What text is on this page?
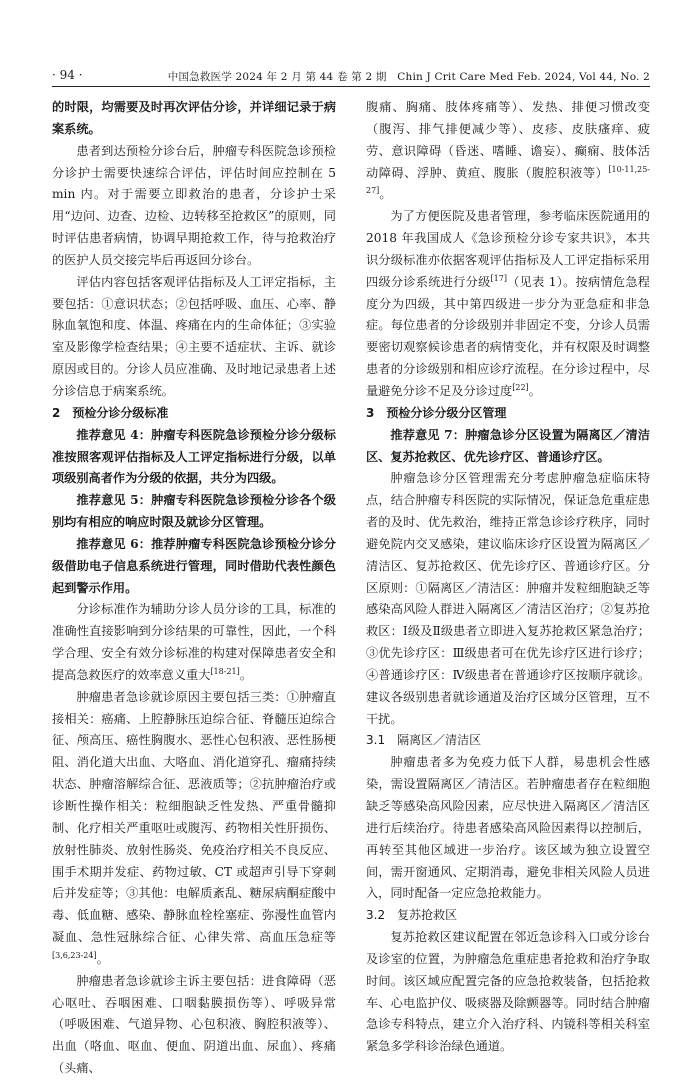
· 94 ·	中国急救医学 2024 年 2 月 第 44 卷 第 2 期　Chin J Crit Care Med Feb. 2024, Vol 44, No. 2

的时限，均需要及时再次评估分诊，并详细记录于病案系统。

患者到达预检分诊台后，肿瘤专科医院急诊预检分诊护士需要快速综合评估，评估时间应控制在 5 min 内。对于需要立即救治的患者，分诊护士采用“边问、边查、边检、边转移至抢救区”的原则，同时评估患者病情，协调早期抢救工作，待与抢救治疗的医护人员交接完毕后再返回分诊台。

评估内容包括客观评估指标及人工评定指标，主要包括：①意识状态；②包括呼吸、血压、心率、静脉血氧饱和度、体温、疼痛在内的生命体征；③实验室及影像学检查结果；④主要不适症状、主诉、就诊原因或目的。分诊人员应准确、及时地记录患者上述分诊信息于病案系统。

2 预检分诊分级标准

推荐意见 4：肿瘤专科医院急诊预检分诊分级标准按照客观评估指标及人工评定指标进行分级，以单项级别高者作为分级的依据，共分为四级。

推荐意见 5：肿瘤专科医院急诊预检分诊各个级别均有相应的响应时限及就诊分区管理。

推荐意见 6：推荐肿瘤专科医院急诊预检分诊分级借助电子信息系统进行管理，同时借助代表性颜色起到警示作用。

分诊标准作为辅助分诊人员分诊的工具，标准的准确性直接影响到分诊结果的可靠性，因此，一个科学合理、安全有效分诊标准的构建对保障患者安全和提高急救医疗的效率意义重大[18-21]。

肿瘤患者急诊就诊原因主要包括三类：①肿瘤直接相关：癌痛、上腔静脉压迫综合征、脊髓压迫综合征、颅高压、癌性胸腹水、恶性心包积液、恶性肠梗阻、消化道大出血、大咯血、消化道穿孔、瘤痛持续状态、肿瘤溶解综合征、恶液质等；②抗肿瘤治疗或诊断性操作相关：粒细胞缺乏性发热、严重骨髓抑制、化疗相关严重呕吐或腹泻、药物相关性肝损伤、放射性肺炎、放射性肠炎、免疫治疗相关不良反应、围手术期并发症、药物过敏、CT 或超声引导下穿刺后并发症等；③其他：电解质紊乱、糖尿病酮症酸中毒、低血糖、感染、静脉血栓栓塞症、弥漫性血管内凝血、急性冠脉综合征、心律失常、高血压急症等[3,6,23-24]。

肿瘤患者急诊就诊主诉主要包括：进食障碍（恶心呕吐、吞咽困难、口咽黏膜损伤等）、呼吸异常（呼吸困难、气道异物、心包积液、胸腔积液等）、出血（咯血、呕血、便血、阴道出血、尿血）、疼痛（头痛、

腹痛、胸痛、肢体疼痛等）、发热、排便习惯改变（腹泻、排气排便减少等）、皮疹、皮肤瘙痒、疲劳、意识障碍（昏迷、嗜睡、谵妄）、癫痫、肢体活动障碍、浮肿、黄疸、腹胀（腹腔积液等）[10-11,25-27]。

为了方便医院及患者管理，参考临床医院通用的 2018 年我国成人《急诊预检分诊专家共识》，本共识分级标准亦依据客观评估指标及人工评定指标采用四级分诊系统进行分级[17]（见表 1）。按病情危急程度分为四级，其中第四级进一步分为亚急症和非急症。每位患者的分诊级别并非固定不变，分诊人员需要密切观察候诊患者的病情变化，并有权限及时调整患者的分诊级别和相应诊疗流程。在分诊过程中，尽量避免分诊不足及分诊过度[22]。

3 预检分诊分级分区管理

推荐意见 7：肿瘤急诊分区设置为隔离区／清洁区、复苏抢救区、优先诊疗区、普通诊疗区。

肿瘤急诊分区管理需充分考虑肿瘤急症临床特点，结合肿瘤专科医院的实际情况，保证急危重症患者的及时、优先救治，维持正常急诊诊疗秩序，同时避免院内交叉感染，建议临床诊疗区设置为隔离区／清洁区、复苏抢救区、优先诊疗区、普通诊疗区。分区原则：①隔离区／清洁区：肿瘤并发粒细胞缺乏等感染高风险人群进入隔离区／清洁区治疗；②复苏抢救区：Ⅰ级及Ⅱ级患者立即进入复苏抢救区紧急治疗；③优先诊疗区：Ⅲ级患者可在优先诊疗区进行诊疗；④普通诊疗区：Ⅳ级患者在普通诊疗区按顺序就诊。建议各级别患者就诊通道及治疗区域分区管理，互不干扰。

3.1 隔离区／清洁区

肿瘤患者多为免疫力低下人群，易患机会性感染，需设置隔离区／清洁区。若肿瘤患者存在粒细胞缺乏等感染高风险因素，应尽快进入隔离区／清洁区进行后续治疗。待患者感染高风险因素得以控制后，再转至其他区域进一步治疗。该区域为独立设置空间，需开窗通风、定期消毒，避免非相关风险人员进入，同时配备一定应急抢救能力。

3.2 复苏抢救区

复苏抢救区建议配置在邻近急诊科入口或分诊台及诊室的位置，为肿瘤急危重症患者抢救和治疗争取时间。该区域应配置完备的应急抢救装备，包括抢救车、心电监护仪、吸痰器及除颤器等。同时结合肿瘤急诊专科特点，建立介入治疗科、内镜科等相关科室紧急多学科诊治绿色通道。
